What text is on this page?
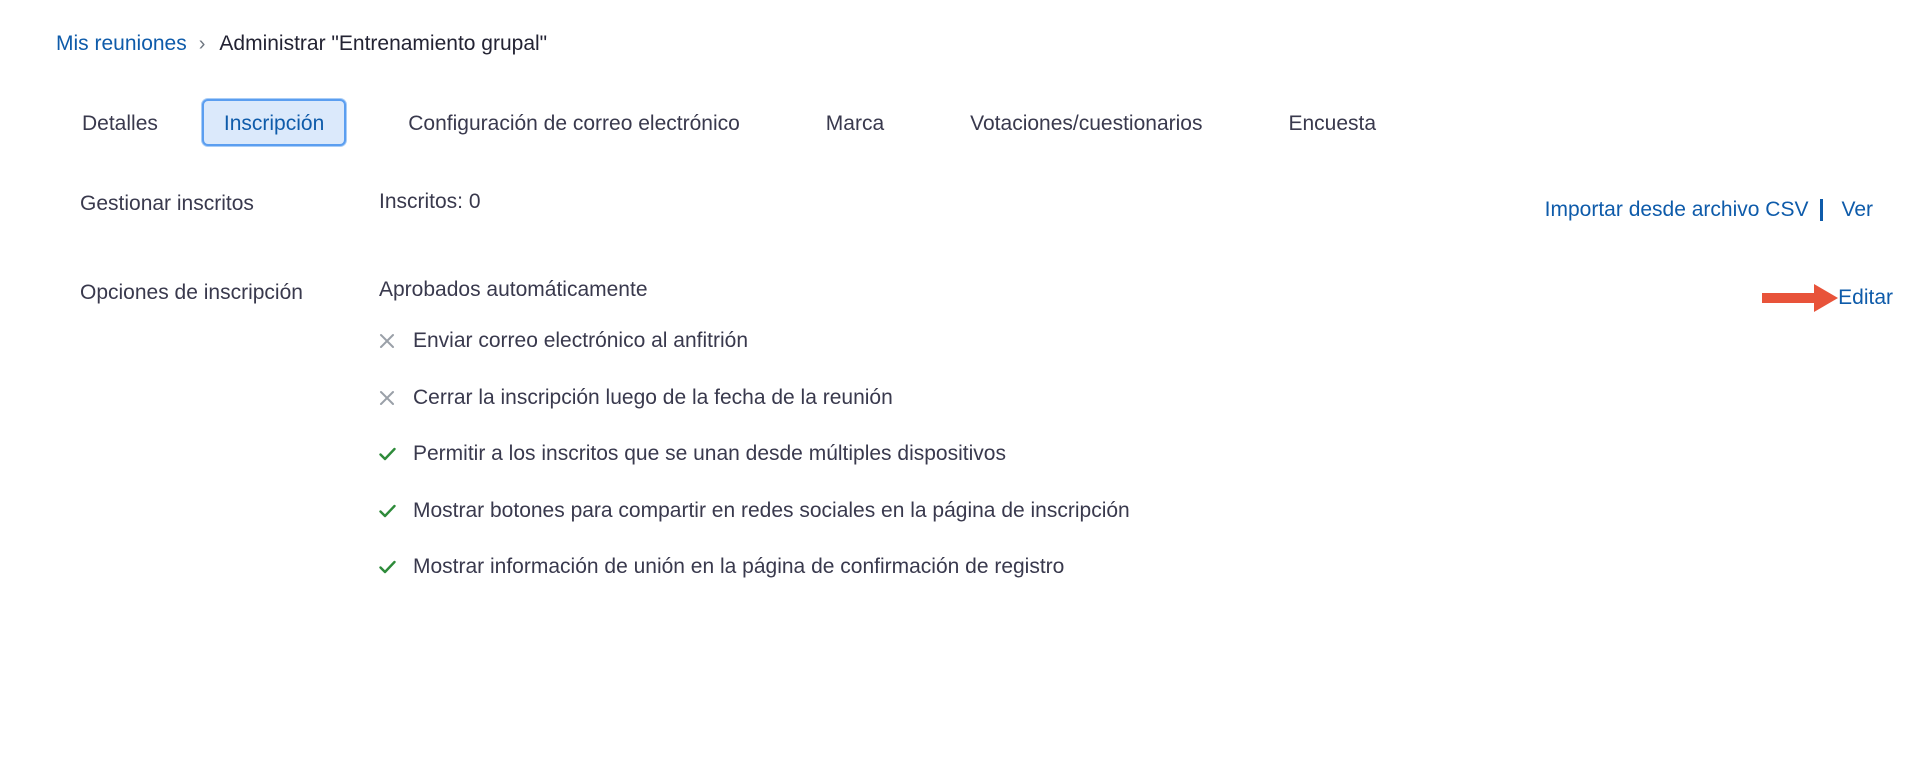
Mis reuniones › Administrar "Entrenamiento grupal"
Detalles	Inscripción	Configuración de correo electrónico	Marca	Votaciones/cuestionarios	Encuesta
Gestionar inscritos	Inscritos: 0	Importar desde archivo CSV Ver
Opciones de inscripción	Aprobados automáticamente	Editar
Enviar correo electrónico al anfitrión
Cerrar la inscripción luego de la fecha de la reunión
Permitir a los inscritos que se unan desde múltiples dispositivos
Mostrar botones para compartir en redes sociales en la página de inscripción
Mostrar información de unión en la página de confirmación de registro
